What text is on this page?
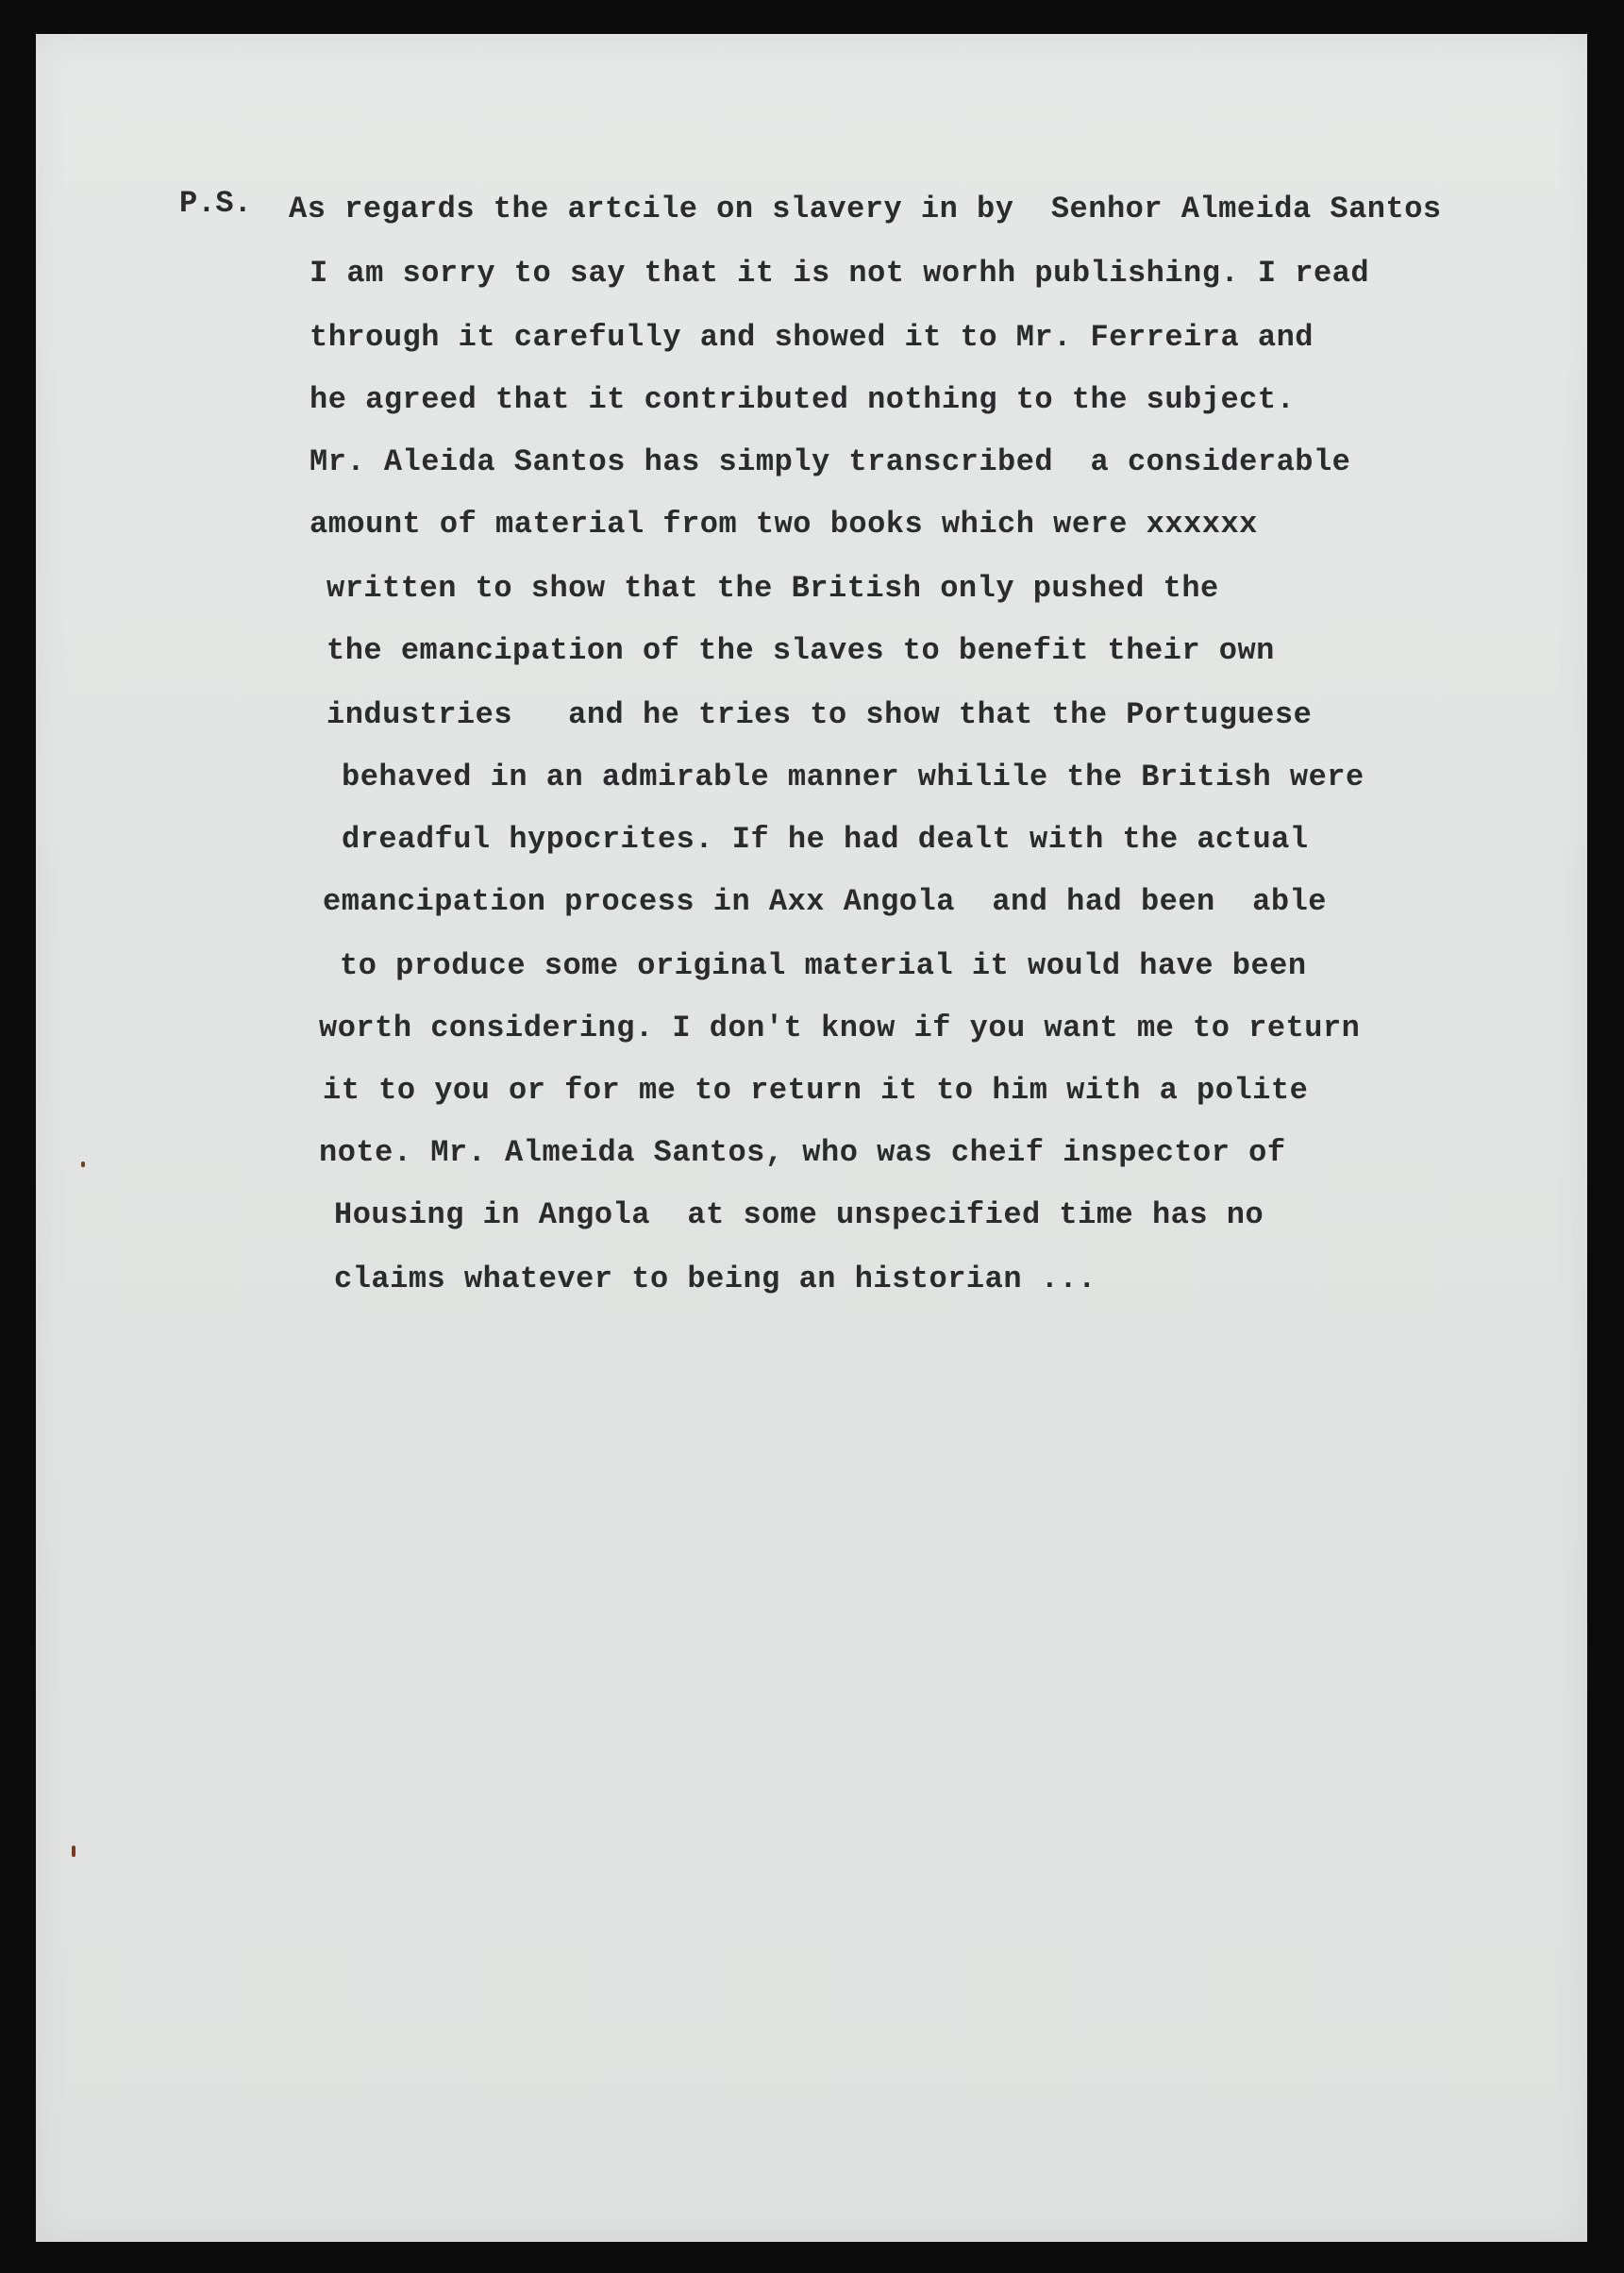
P.S. As regards the artcile on slavery in by  Senhor Almeida Santos

I am sorry to say that it is not worhh publishing. I read

through it carefully and showed it to Mr. Ferreira and

he agreed that it contributed nothing to the subject.

Mr. Aleida Santos has simply transcribed  a considerable

amount of material from two books which were xxxxxx

written to show that the British only pushed the

the emancipation of the slaves to benefit their own

industries   and he tries to show that the Portuguese

behaved in an admirable manner whilile the British were

dreadful hypocrites. If he had dealt with the actual

emancipation process in Axx Angola  and had been  able

to produce some original material it would have been

worth considering. I don't know if you want me to return

it to you or for me to return it to him with a polite

note. Mr. Almeida Santos, who was cheif inspector of

Housing in Angola  at some unspecified time has no

claims whatever to being an historian ...
